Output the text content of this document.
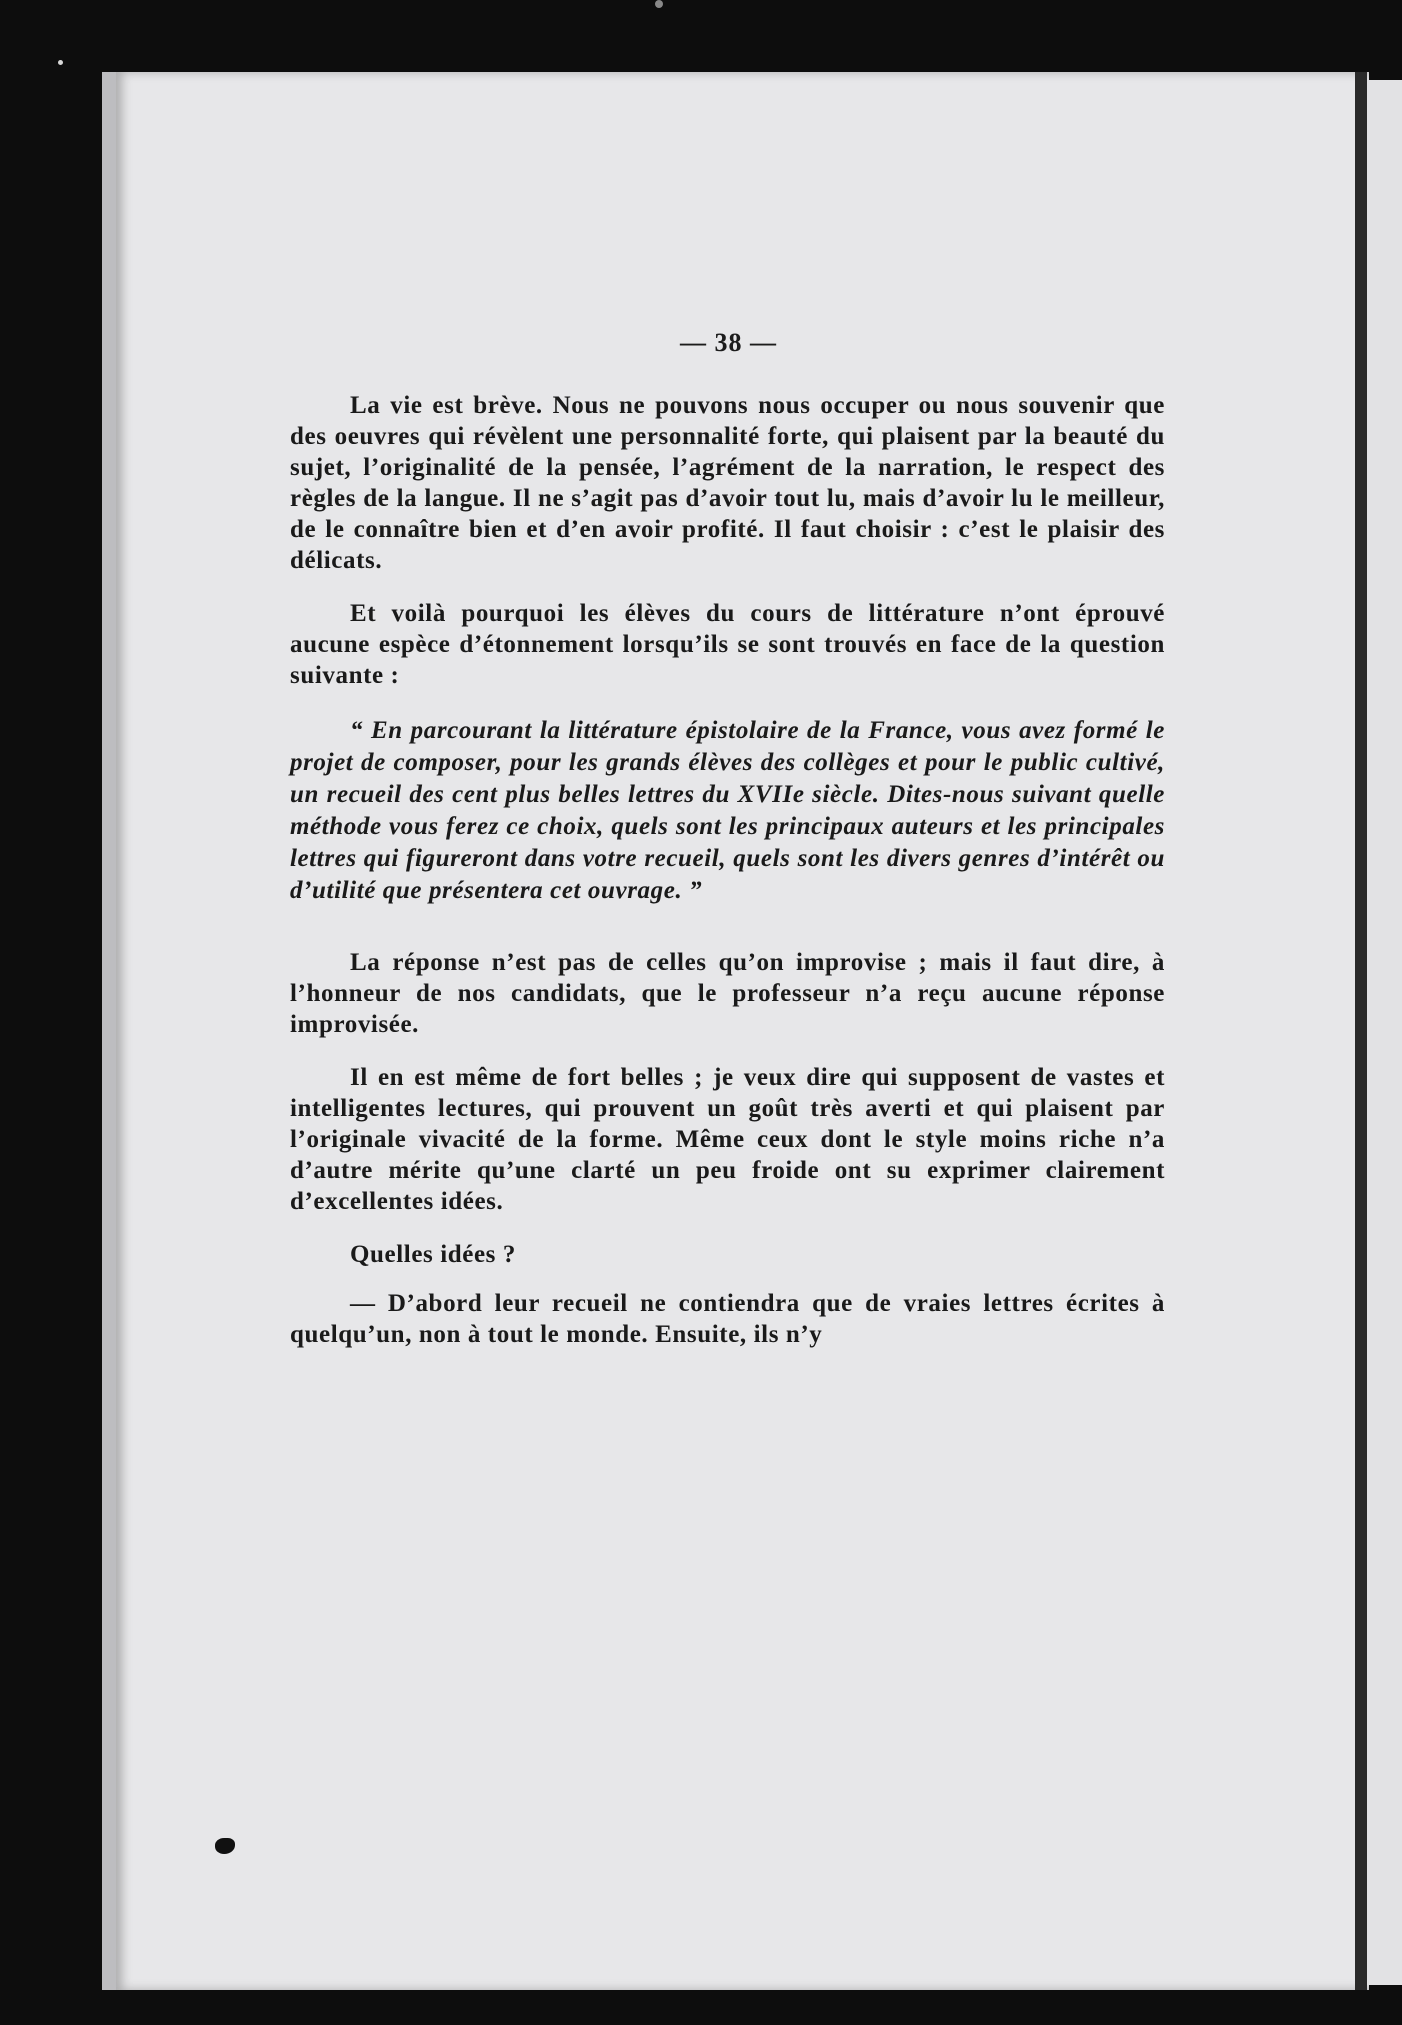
— 38 —

La vie est brève. Nous ne pouvons nous occuper ou nous souvenir que des oeuvres qui révèlent une personnalité forte, qui plaisent par la beauté du sujet, l’originalité de la pensée, l’agrément de la narration, le respect des règles de la langue. Il ne s’agit pas d’avoir tout lu, mais d’avoir lu le meilleur, de le connaître bien et d’en avoir profité. Il faut choisir : c’est le plaisir des délicats.

Et voilà pourquoi les élèves du cours de littérature n’ont éprouvé aucune espèce d’étonnement lorsqu’ils se sont trouvés en face de la question suivante :

“ En parcourant la littérature épistolaire de la France, vous avez formé le projet de composer, pour les grands élèves des collèges et pour le public cultivé, un recueil des cent plus belles lettres du XVIIe siècle. Dites-nous suivant quelle méthode vous ferez ce choix, quels sont les principaux auteurs et les principales lettres qui figureront dans votre recueil, quels sont les divers genres d’intérêt ou d’utilité que présentera cet ouvrage. ”

La réponse n’est pas de celles qu’on improvise ; mais il faut dire, à l’honneur de nos candidats, que le professeur n’a reçu aucune réponse improvisée.

Il en est même de fort belles ; je veux dire qui supposent de vastes et intelligentes lectures, qui prouvent un goût très averti et qui plaisent par l’originale vivacité de la forme. Même ceux dont le style moins riche n’a d’autre mérite qu’une clarté un peu froide ont su exprimer clairement d’excellentes idées.

Quelles idées ?

— D’abord leur recueil ne contiendra que de vraies lettres écrites à quelqu’un, non à tout le monde. Ensuite, ils n’y
